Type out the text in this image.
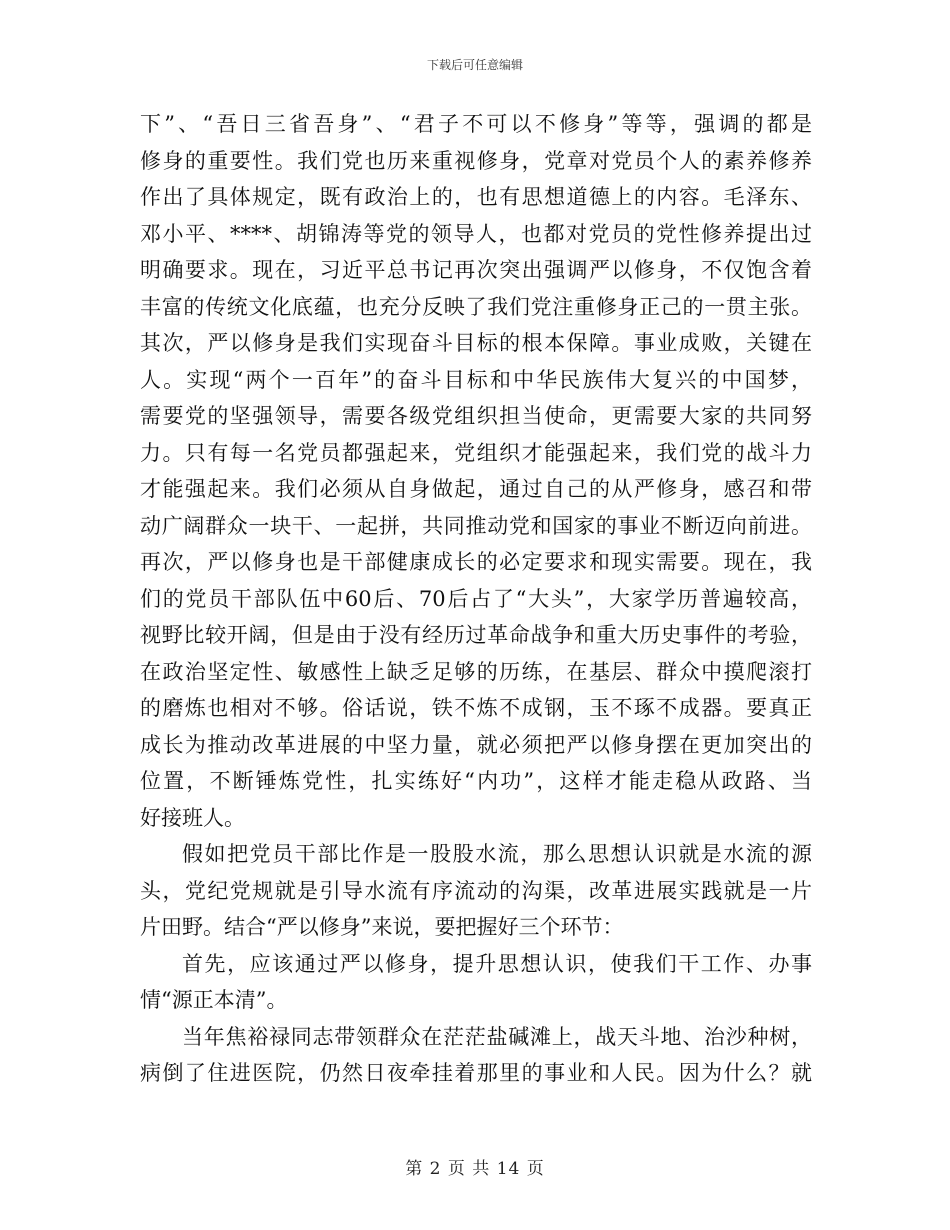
下载后可任意编辑
下”、“吾日三省吾身”、“君子不可以不修身”等等，强调的都是
修身的重要性。我们党也历来重视修身，党章对党员个人的素养修养
作出了具体规定，既有政治上的，也有思想道德上的内容。毛泽东、
邓小平、****、胡锦涛等党的领导人，也都对党员的党性修养提出过
明确要求。现在，习近平总书记再次突出强调严以修身，不仅饱含着
丰富的传统文化底蕴，也充分反映了我们党注重修身正己的一贯主张。
其次，严以修身是我们实现奋斗目标的根本保障。事业成败，关键在
人。实现“两个一百年”的奋斗目标和中华民族伟大复兴的中国梦，
需要党的坚强领导，需要各级党组织担当使命，更需要大家的共同努
力。只有每一名党员都强起来，党组织才能强起来，我们党的战斗力
才能强起来。我们必须从自身做起，通过自己的从严修身，感召和带
动广阔群众一块干、一起拼，共同推动党和国家的事业不断迈向前进。
再次，严以修身也是干部健康成长的必定要求和现实需要。现在，我
们的党员干部队伍中60后、70后占了“大头”，大家学历普遍较高，
视野比较开阔，但是由于没有经历过革命战争和重大历史事件的考验，
在政治坚定性、敏感性上缺乏足够的历练，在基层、群众中摸爬滚打
的磨炼也相对不够。俗话说，铁不炼不成钢，玉不琢不成器。要真正
成长为推动改革进展的中坚力量，就必须把严以修身摆在更加突出的
位置，不断锤炼党性，扎实练好“内功”，这样才能走稳从政路、当
好接班人。
假如把党员干部比作是一股股水流，那么思想认识就是水流的源
头，党纪党规就是引导水流有序流动的沟渠，改革进展实践就是一片
片田野。结合“严以修身”来说，要把握好三个环节：
首先，应该通过严以修身，提升思想认识，使我们干工作、办事
情“源正本清”。
当年焦裕禄同志带领群众在茫茫盐碱滩上，战天斗地、治沙种树，
病倒了住进医院，仍然日夜牵挂着那里的事业和人民。因为什么？就
第 2 页 共 14 页
